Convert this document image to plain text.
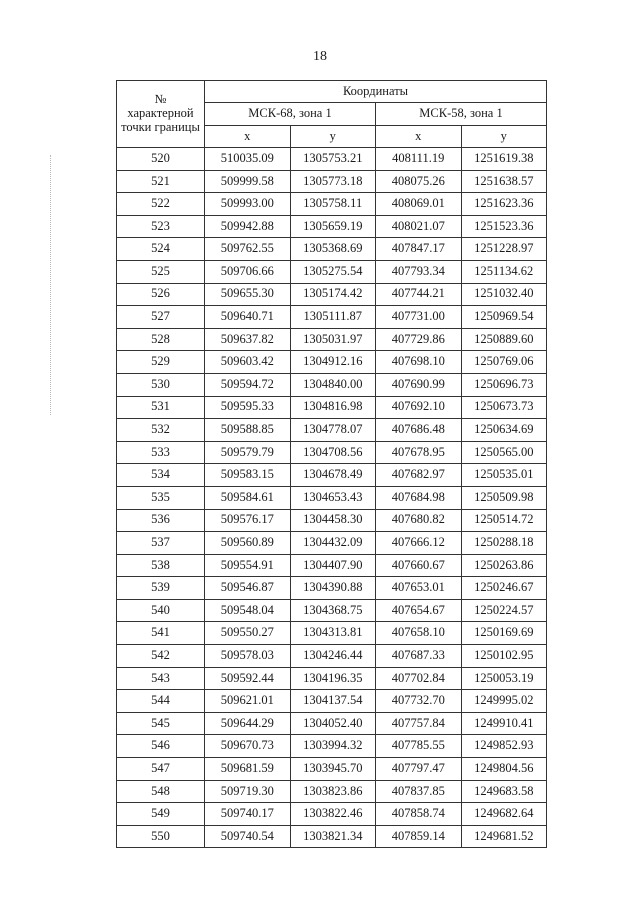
18
№
характерной
точки границы	Координаты			
	МСК-68, зона 1		МСК-58, зона 1	
	x	y	x	y
520	510035.09	1305753.21	408111.19	1251619.38
521	509999.58	1305773.18	408075.26	1251638.57
522	509993.00	1305758.11	408069.01	1251623.36
523	509942.88	1305659.19	408021.07	1251523.36
524	509762.55	1305368.69	407847.17	1251228.97
525	509706.66	1305275.54	407793.34	1251134.62
526	509655.30	1305174.42	407744.21	1251032.40
527	509640.71	1305111.87	407731.00	1250969.54
528	509637.82	1305031.97	407729.86	1250889.60
529	509603.42	1304912.16	407698.10	1250769.06
530	509594.72	1304840.00	407690.99	1250696.73
531	509595.33	1304816.98	407692.10	1250673.73
532	509588.85	1304778.07	407686.48	1250634.69
533	509579.79	1304708.56	407678.95	1250565.00
534	509583.15	1304678.49	407682.97	1250535.01
535	509584.61	1304653.43	407684.98	1250509.98
536	509576.17	1304458.30	407680.82	1250514.72
537	509560.89	1304432.09	407666.12	1250288.18
538	509554.91	1304407.90	407660.67	1250263.86
539	509546.87	1304390.88	407653.01	1250246.67
540	509548.04	1304368.75	407654.67	1250224.57
541	509550.27	1304313.81	407658.10	1250169.69
542	509578.03	1304246.44	407687.33	1250102.95
543	509592.44	1304196.35	407702.84	1250053.19
544	509621.01	1304137.54	407732.70	1249995.02
545	509644.29	1304052.40	407757.84	1249910.41
546	509670.73	1303994.32	407785.55	1249852.93
547	509681.59	1303945.70	407797.47	1249804.56
548	509719.30	1303823.86	407837.85	1249683.58
549	509740.17	1303822.46	407858.74	1249682.64
550	509740.54	1303821.34	407859.14	1249681.52
